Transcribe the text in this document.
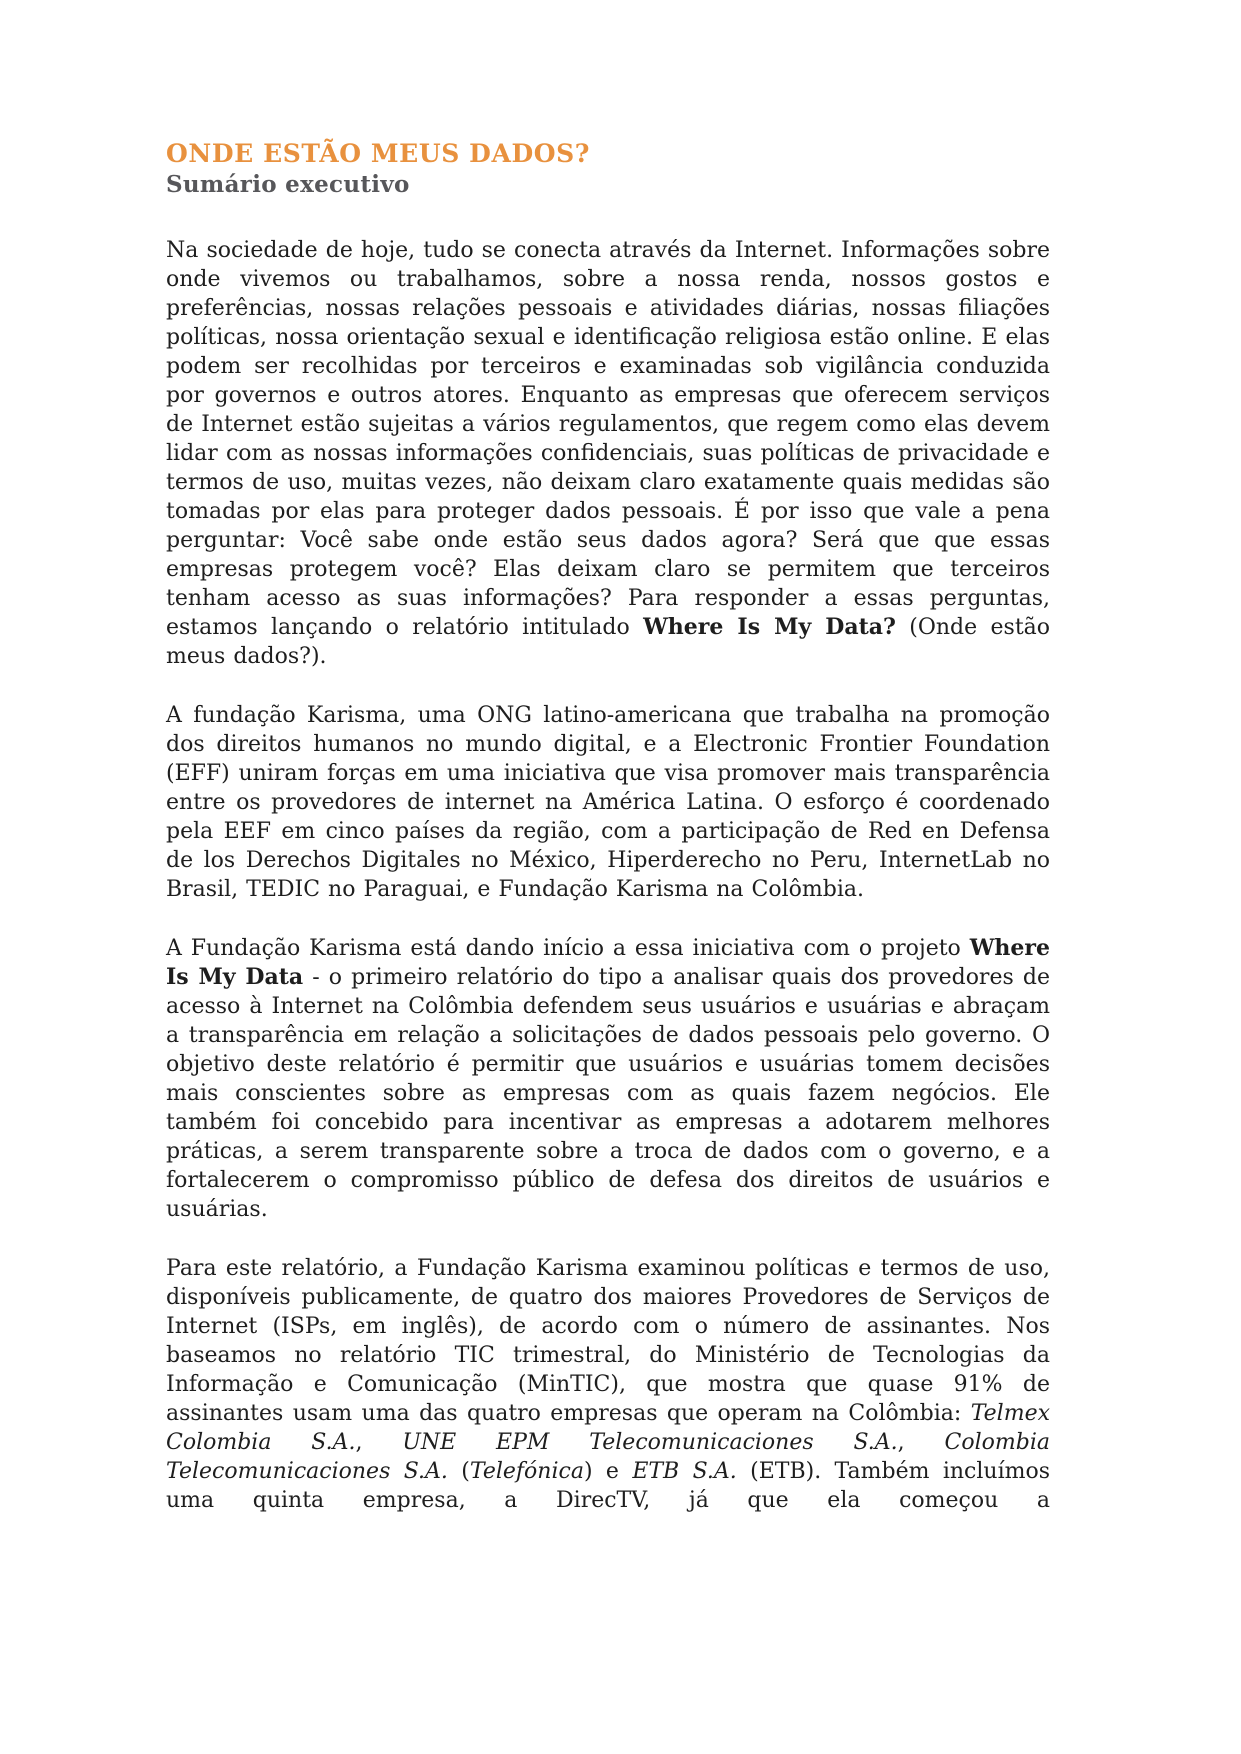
ONDE ESTÃO MEUS DADOS?
Sumário executivo

Na sociedade de hoje, tudo se conecta através da Internet. Informações sobre onde vivemos ou trabalhamos, sobre a nossa renda, nossos gostos e preferências, nossas relações pessoais e atividades diárias, nossas filiações políticas, nossa orientação sexual e identificação religiosa estão online. E elas podem ser recolhidas por terceiros e examinadas sob vigilância conduzida por governos e outros atores. Enquanto as empresas que oferecem serviços de Internet estão sujeitas a vários regulamentos, que regem como elas devem lidar com as nossas informações confidenciais, suas políticas de privacidade e termos de uso, muitas vezes, não deixam claro exatamente quais medidas são tomadas por elas para proteger dados pessoais. É por isso que vale a pena perguntar: Você sabe onde estão seus dados agora? Será que que essas empresas protegem você? Elas deixam claro se permitem que terceiros tenham acesso as suas informações? Para responder a essas perguntas, estamos lançando o relatório intitulado Where Is My Data? (Onde estão meus dados?).

A fundação Karisma, uma ONG latino-americana que trabalha na promoção dos direitos humanos no mundo digital, e a Electronic Frontier Foundation (EFF) uniram forças em uma iniciativa que visa promover mais transparência entre os provedores de internet na América Latina. O esforço é coordenado pela EEF em cinco países da região, com a participação de Red en Defensa de los Derechos Digitales no México, Hiperderecho no Peru, InternetLab no Brasil, TEDIC no Paraguai, e Fundação Karisma na Colômbia.

A Fundação Karisma está dando início a essa iniciativa com o projeto Where Is My Data - o primeiro relatório do tipo a analisar quais dos provedores de acesso à Internet na Colômbia defendem seus usuários e usuárias e abraçam a transparência em relação a solicitações de dados pessoais pelo governo. O objetivo deste relatório é permitir que usuários e usuárias tomem decisões mais conscientes sobre as empresas com as quais fazem negócios. Ele também foi concebido para incentivar as empresas a adotarem melhores práticas, a serem transparente sobre a troca de dados com o governo, e a fortalecerem o compromisso público de defesa dos direitos de usuários e usuárias.

Para este relatório, a Fundação Karisma examinou políticas e termos de uso, disponíveis publicamente, de quatro dos maiores Provedores de Serviços de Internet (ISPs, em inglês), de acordo com o número de assinantes. Nos baseamos no relatório TIC trimestral, do Ministério de Tecnologias da Informação e Comunicação (MinTIC), que mostra que quase 91% de assinantes usam uma das quatro empresas que operam na Colômbia: Telmex Colombia S.A., UNE EPM Telecomunicaciones S.A., Colombia Telecomunicaciones S.A. (Telefónica) e ETB S.A. (ETB). Também incluímos uma quinta empresa, a DirecTV, já que ela começou a
